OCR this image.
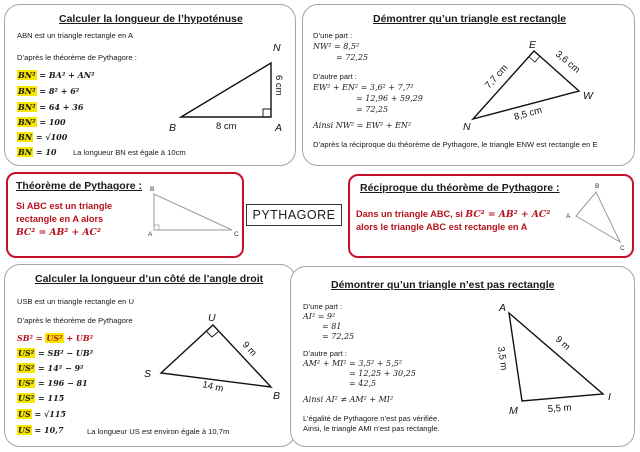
Calculer la longueur de l’hypoténuse
ABN est un triangle rectangle en A
D’après le théorème de Pythagore :
BN² = BA² + AN²
BN² = 8² + 6²
BN² = 64 + 36
BN² = 100
BN = √100
BN = 10 La longueur BN est égale à 10cm
N
B	A
6 cm
8 cm
Démontrer qu’un triangle est rectangle
D’une part :
NW² = 8,5²
= 72,25
D’autre part :
EW² + EN² = 3,6² + 7,7²
= 12,96 + 59,29
= 72,25
Ainsi NW² = EW² + EN²
D’après la réciproque du théorème de Pythagore, le triangle ENW est rectangle en E
E
N
W
3,6 cm
7,7 cm
8,5 cm
Théorème de Pythagore :
Si ABC est un triangle
rectangle en A alors
BC² = AB² + AC²
B
A	C
PYTHAGORE
Réciproque du théorème de Pythagore :
Dans un triangle ABC, si BC² = AB² + AC²
alors le triangle ABC est rectangle en A
B
A
C
Calculer la longueur d’un côté de l’angle droit
USB est un triangle rectangle en U
D’après le théorème de Pythagore
SB² = US² + UB²
US² = SB² − UB²
US² = 14² − 9²
US² = 196 − 81
US² = 115
US = √115
US = 10,7	La longueur US est environ égale à 10,7m
U
S
B
9 m
14 m
Démontrer qu’un triangle n’est pas rectangle
D’une part :
AI² = 9²
= 81
= 72,25
D’autre part :
AM² + MI² = 3,5² + 5,5²
= 12,25 + 30,25
= 42,5
Ainsi AI² ≠ AM² + MI²
L’égalité de Pythagore n’est pas vérifiée.
Ainsi, le triangle AMI n’est pas rectangle.
A
I
M
9 m
3,5 m
5,5 m
